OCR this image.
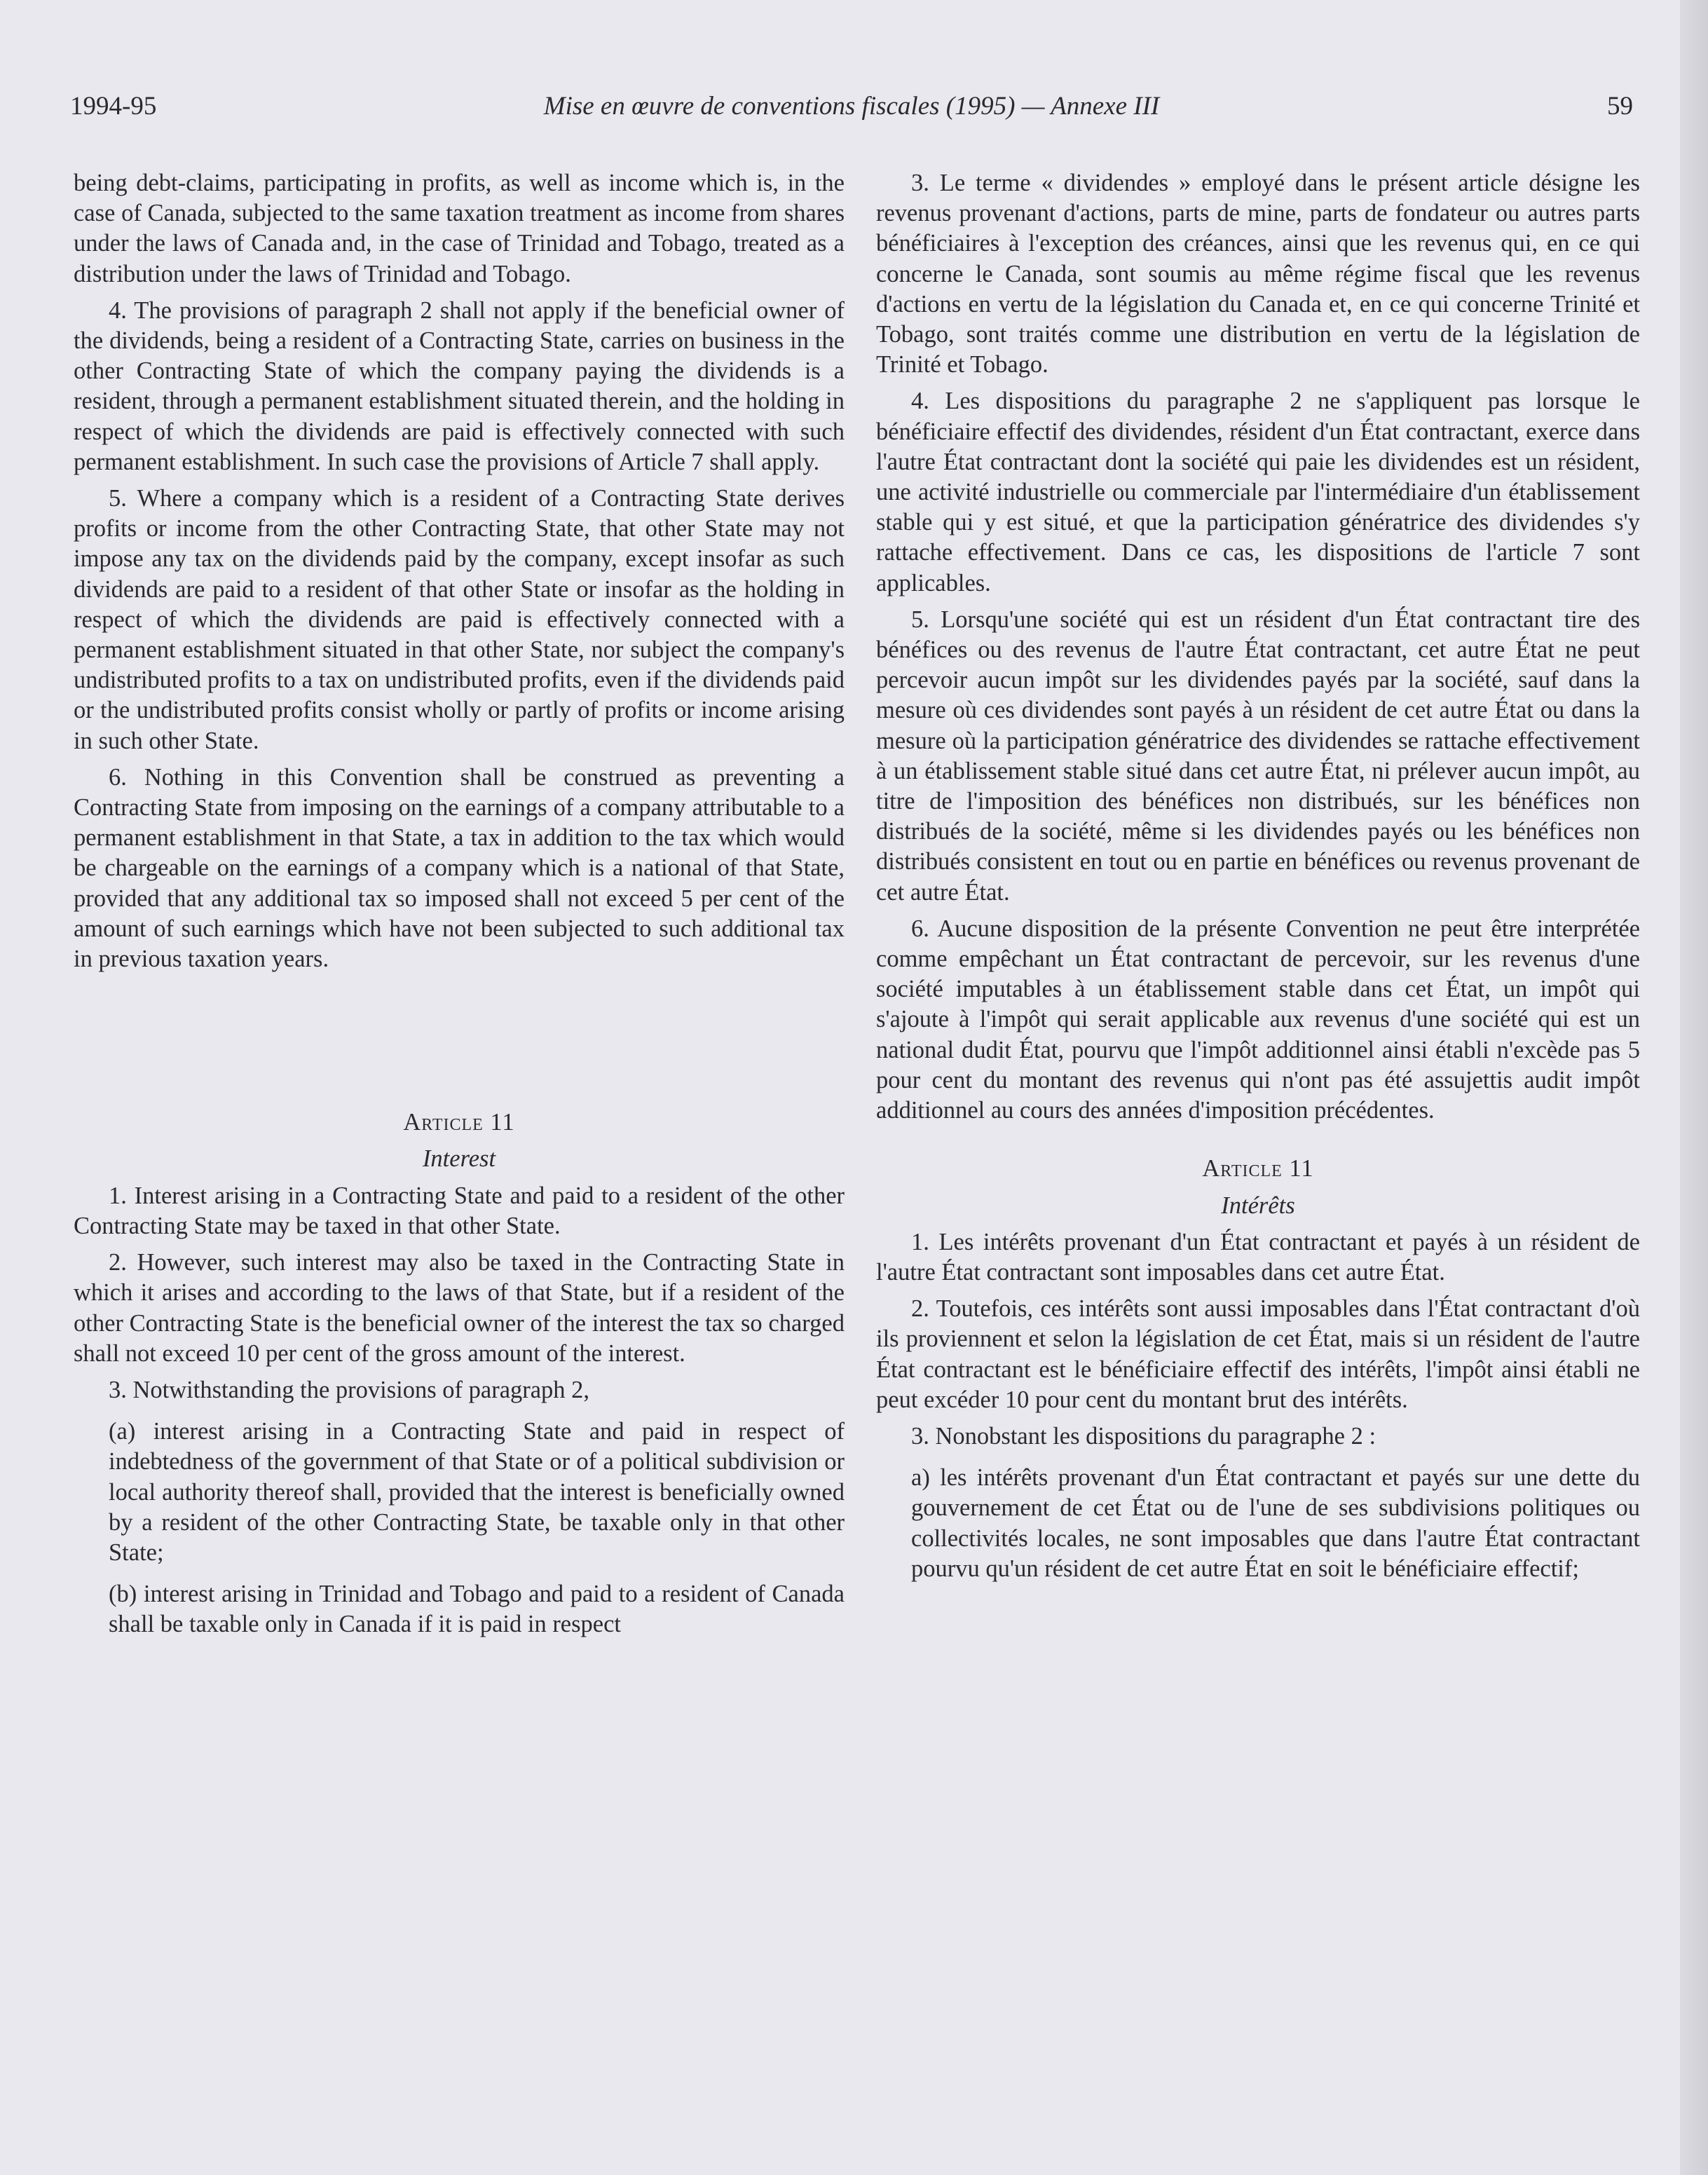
1994-95	Mise en œuvre de conventions fiscales (1995) — Annexe III	59

being debt-claims, participating in profits, as well as income which is, in the case of Canada, subjected to the same taxation treatment as income from shares under the laws of Canada and, in the case of Trinidad and Tobago, treated as a distribution under the laws of Trinidad and Tobago.

4. The provisions of paragraph 2 shall not apply if the beneficial owner of the dividends, being a resident of a Contracting State, carries on business in the other Contracting State of which the company paying the dividends is a resident, through a permanent establishment situated therein, and the holding in respect of which the dividends are paid is effectively connected with such permanent establishment. In such case the provisions of Article 7 shall apply.

5. Where a company which is a resident of a Contracting State derives profits or income from the other Contracting State, that other State may not impose any tax on the dividends paid by the company, except insofar as such dividends are paid to a resident of that other State or insofar as the holding in respect of which the dividends are paid is effectively connected with a permanent establishment situated in that other State, nor subject the company's undistributed profits to a tax on undistributed profits, even if the dividends paid or the undistributed profits consist wholly or partly of profits or income arising in such other State.

6. Nothing in this Convention shall be construed as preventing a Contracting State from imposing on the earnings of a company attributable to a permanent establishment in that State, a tax in addition to the tax which would be chargeable on the earnings of a company which is a national of that State, provided that any additional tax so imposed shall not exceed 5 per cent of the amount of such earnings which have not been subjected to such additional tax in previous taxation years.

Article 11

Interest

1. Interest arising in a Contracting State and paid to a resident of the other Contracting State may be taxed in that other State.

2. However, such interest may also be taxed in the Contracting State in which it arises and according to the laws of that State, but if a resident of the other Contracting State is the beneficial owner of the interest the tax so charged shall not exceed 10 per cent of the gross amount of the interest.

3. Notwithstanding the provisions of paragraph 2,

(a) interest arising in a Contracting State and paid in respect of indebtedness of the government of that State or of a political subdivision or local authority thereof shall, provided that the interest is beneficially owned by a resident of the other Contracting State, be taxable only in that other State;

(b) interest arising in Trinidad and Tobago and paid to a resident of Canada shall be taxable only in Canada if it is paid in respect

3. Le terme « dividendes » employé dans le présent article désigne les revenus provenant d'actions, parts de mine, parts de fondateur ou autres parts bénéficiaires à l'exception des créances, ainsi que les revenus qui, en ce qui concerne le Canada, sont soumis au même régime fiscal que les revenus d'actions en vertu de la législation du Canada et, en ce qui concerne Trinité et Tobago, sont traités comme une distribution en vertu de la législation de Trinité et Tobago.

4. Les dispositions du paragraphe 2 ne s'appliquent pas lorsque le bénéficiaire effectif des dividendes, résident d'un État contractant, exerce dans l'autre État contractant dont la société qui paie les dividendes est un résident, une activité industrielle ou commerciale par l'intermédiaire d'un établissement stable qui y est situé, et que la participation génératrice des dividendes s'y rattache effectivement. Dans ce cas, les dispositions de l'article 7 sont applicables.

5. Lorsqu'une société qui est un résident d'un État contractant tire des bénéfices ou des revenus de l'autre État contractant, cet autre État ne peut percevoir aucun impôt sur les dividendes payés par la société, sauf dans la mesure où ces dividendes sont payés à un résident de cet autre État ou dans la mesure où la participation génératrice des dividendes se rattache effectivement à un établissement stable situé dans cet autre État, ni prélever aucun impôt, au titre de l'imposition des bénéfices non distribués, sur les bénéfices non distribués de la société, même si les dividendes payés ou les bénéfices non distribués consistent en tout ou en partie en bénéfices ou revenus provenant de cet autre État.

6. Aucune disposition de la présente Convention ne peut être interprétée comme empêchant un État contractant de percevoir, sur les revenus d'une société imputables à un établissement stable dans cet État, un impôt qui s'ajoute à l'impôt qui serait applicable aux revenus d'une société qui est un national dudit État, pourvu que l'impôt additionnel ainsi établi n'excède pas 5 pour cent du montant des revenus qui n'ont pas été assujettis audit impôt additionnel au cours des années d'imposition précédentes.

Article 11

Intérêts

1. Les intérêts provenant d'un État contractant et payés à un résident de l'autre État contractant sont imposables dans cet autre État.

2. Toutefois, ces intérêts sont aussi imposables dans l'État contractant d'où ils proviennent et selon la législation de cet État, mais si un résident de l'autre État contractant est le bénéficiaire effectif des intérêts, l'impôt ainsi établi ne peut excéder 10 pour cent du montant brut des intérêts.

3. Nonobstant les dispositions du paragraphe 2 :

a) les intérêts provenant d'un État contractant et payés sur une dette du gouvernement de cet État ou de l'une de ses subdivisions politiques ou collectivités locales, ne sont imposables que dans l'autre État contractant pourvu qu'un résident de cet autre État en soit le bénéficiaire effectif;
